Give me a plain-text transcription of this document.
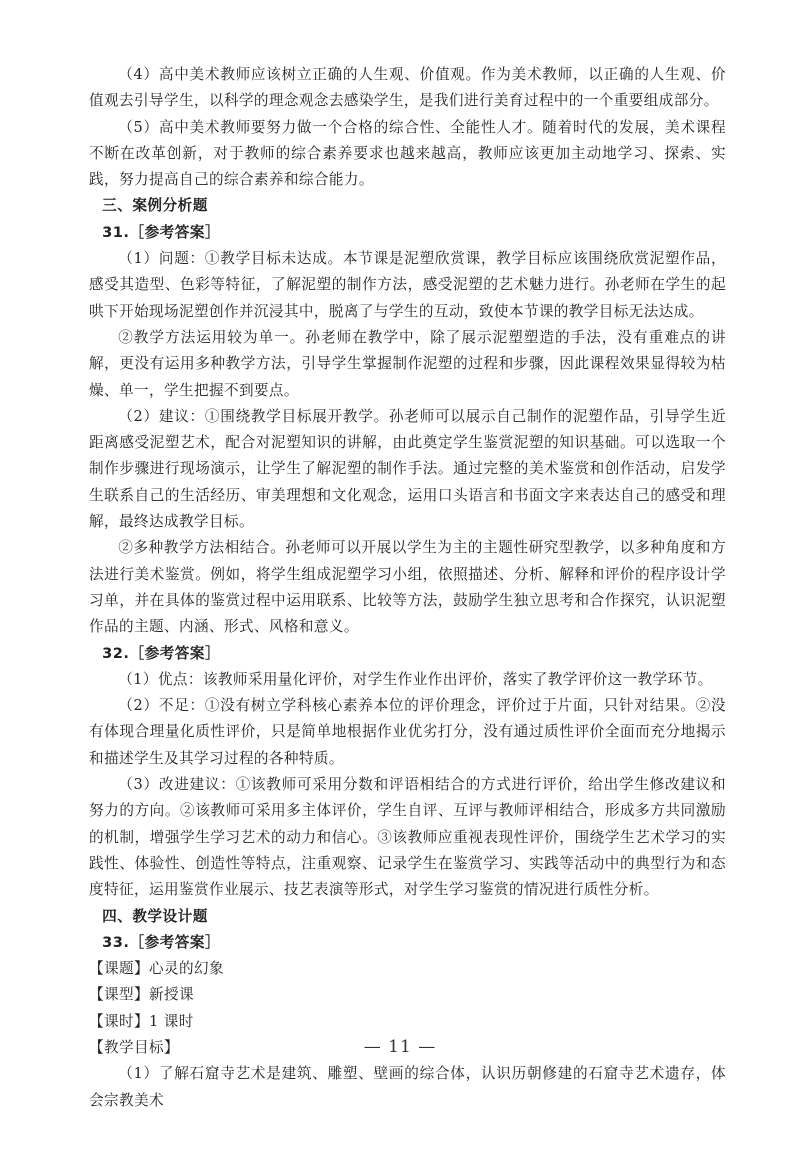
（4）高中美术教师应该树立正确的人生观、价值观。作为美术教师，以正确的人生观、价值观去引导学生，以科学的理念观念去感染学生，是我们进行美育过程中的一个重要组成部分。

（5）高中美术教师要努力做一个合格的综合性、全能性人才。随着时代的发展，美术课程不断在改革创新，对于教师的综合素养要求也越来越高，教师应该更加主动地学习、探索、实践，努力提高自己的综合素养和综合能力。

三、案例分析题

31.［参考答案］

（1）问题：①教学目标未达成。本节课是泥塑欣赏课，教学目标应该围绕欣赏泥塑作品，感受其造型、色彩等特征，了解泥塑的制作方法，感受泥塑的艺术魅力进行。孙老师在学生的起哄下开始现场泥塑创作并沉浸其中，脱离了与学生的互动，致使本节课的教学目标无法达成。

②教学方法运用较为单一。孙老师在教学中，除了展示泥塑塑造的手法，没有重难点的讲解，更没有运用多种教学方法，引导学生掌握制作泥塑的过程和步骤，因此课程效果显得较为枯燥、单一，学生把握不到要点。

（2）建议：①围绕教学目标展开教学。孙老师可以展示自己制作的泥塑作品，引导学生近距离感受泥塑艺术，配合对泥塑知识的讲解，由此奠定学生鉴赏泥塑的知识基础。可以选取一个制作步骤进行现场演示，让学生了解泥塑的制作手法。通过完整的美术鉴赏和创作活动，启发学生联系自己的生活经历、审美理想和文化观念，运用口头语言和书面文字来表达自己的感受和理解，最终达成教学目标。

②多种教学方法相结合。孙老师可以开展以学生为主的主题性研究型教学，以多种角度和方法进行美术鉴赏。例如，将学生组成泥塑学习小组，依照描述、分析、解释和评价的程序设计学习单，并在具体的鉴赏过程中运用联系、比较等方法，鼓励学生独立思考和合作探究，认识泥塑作品的主题、内涵、形式、风格和意义。

32.［参考答案］

（1）优点：该教师采用量化评价，对学生作业作出评价，落实了教学评价这一教学环节。

（2）不足：①没有树立学科核心素养本位的评价理念，评价过于片面，只针对结果。②没有体现合理量化质性评价，只是简单地根据作业优劣打分，没有通过质性评价全面而充分地揭示和描述学生及其学习过程的各种特质。

（3）改进建议：①该教师可采用分数和评语相结合的方式进行评价，给出学生修改建议和努力的方向。②该教师可采用多主体评价，学生自评、互评与教师评相结合，形成多方共同激励的机制，增强学生学习艺术的动力和信心。③该教师应重视表现性评价，围绕学生艺术学习的实践性、体验性、创造性等特点，注重观察、记录学生在鉴赏学习、实践等活动中的典型行为和态度特征，运用鉴赏作业展示、技艺表演等形式，对学生学习鉴赏的情况进行质性分析。

四、教学设计题

33.［参考答案］

【课题】心灵的幻象

【课型】新授课

【课时】1 课时

【教学目标】

（1）了解石窟寺艺术是建筑、雕塑、壁画的综合体，认识历朝修建的石窟寺艺术遗存，体会宗教美术

— 11 —
